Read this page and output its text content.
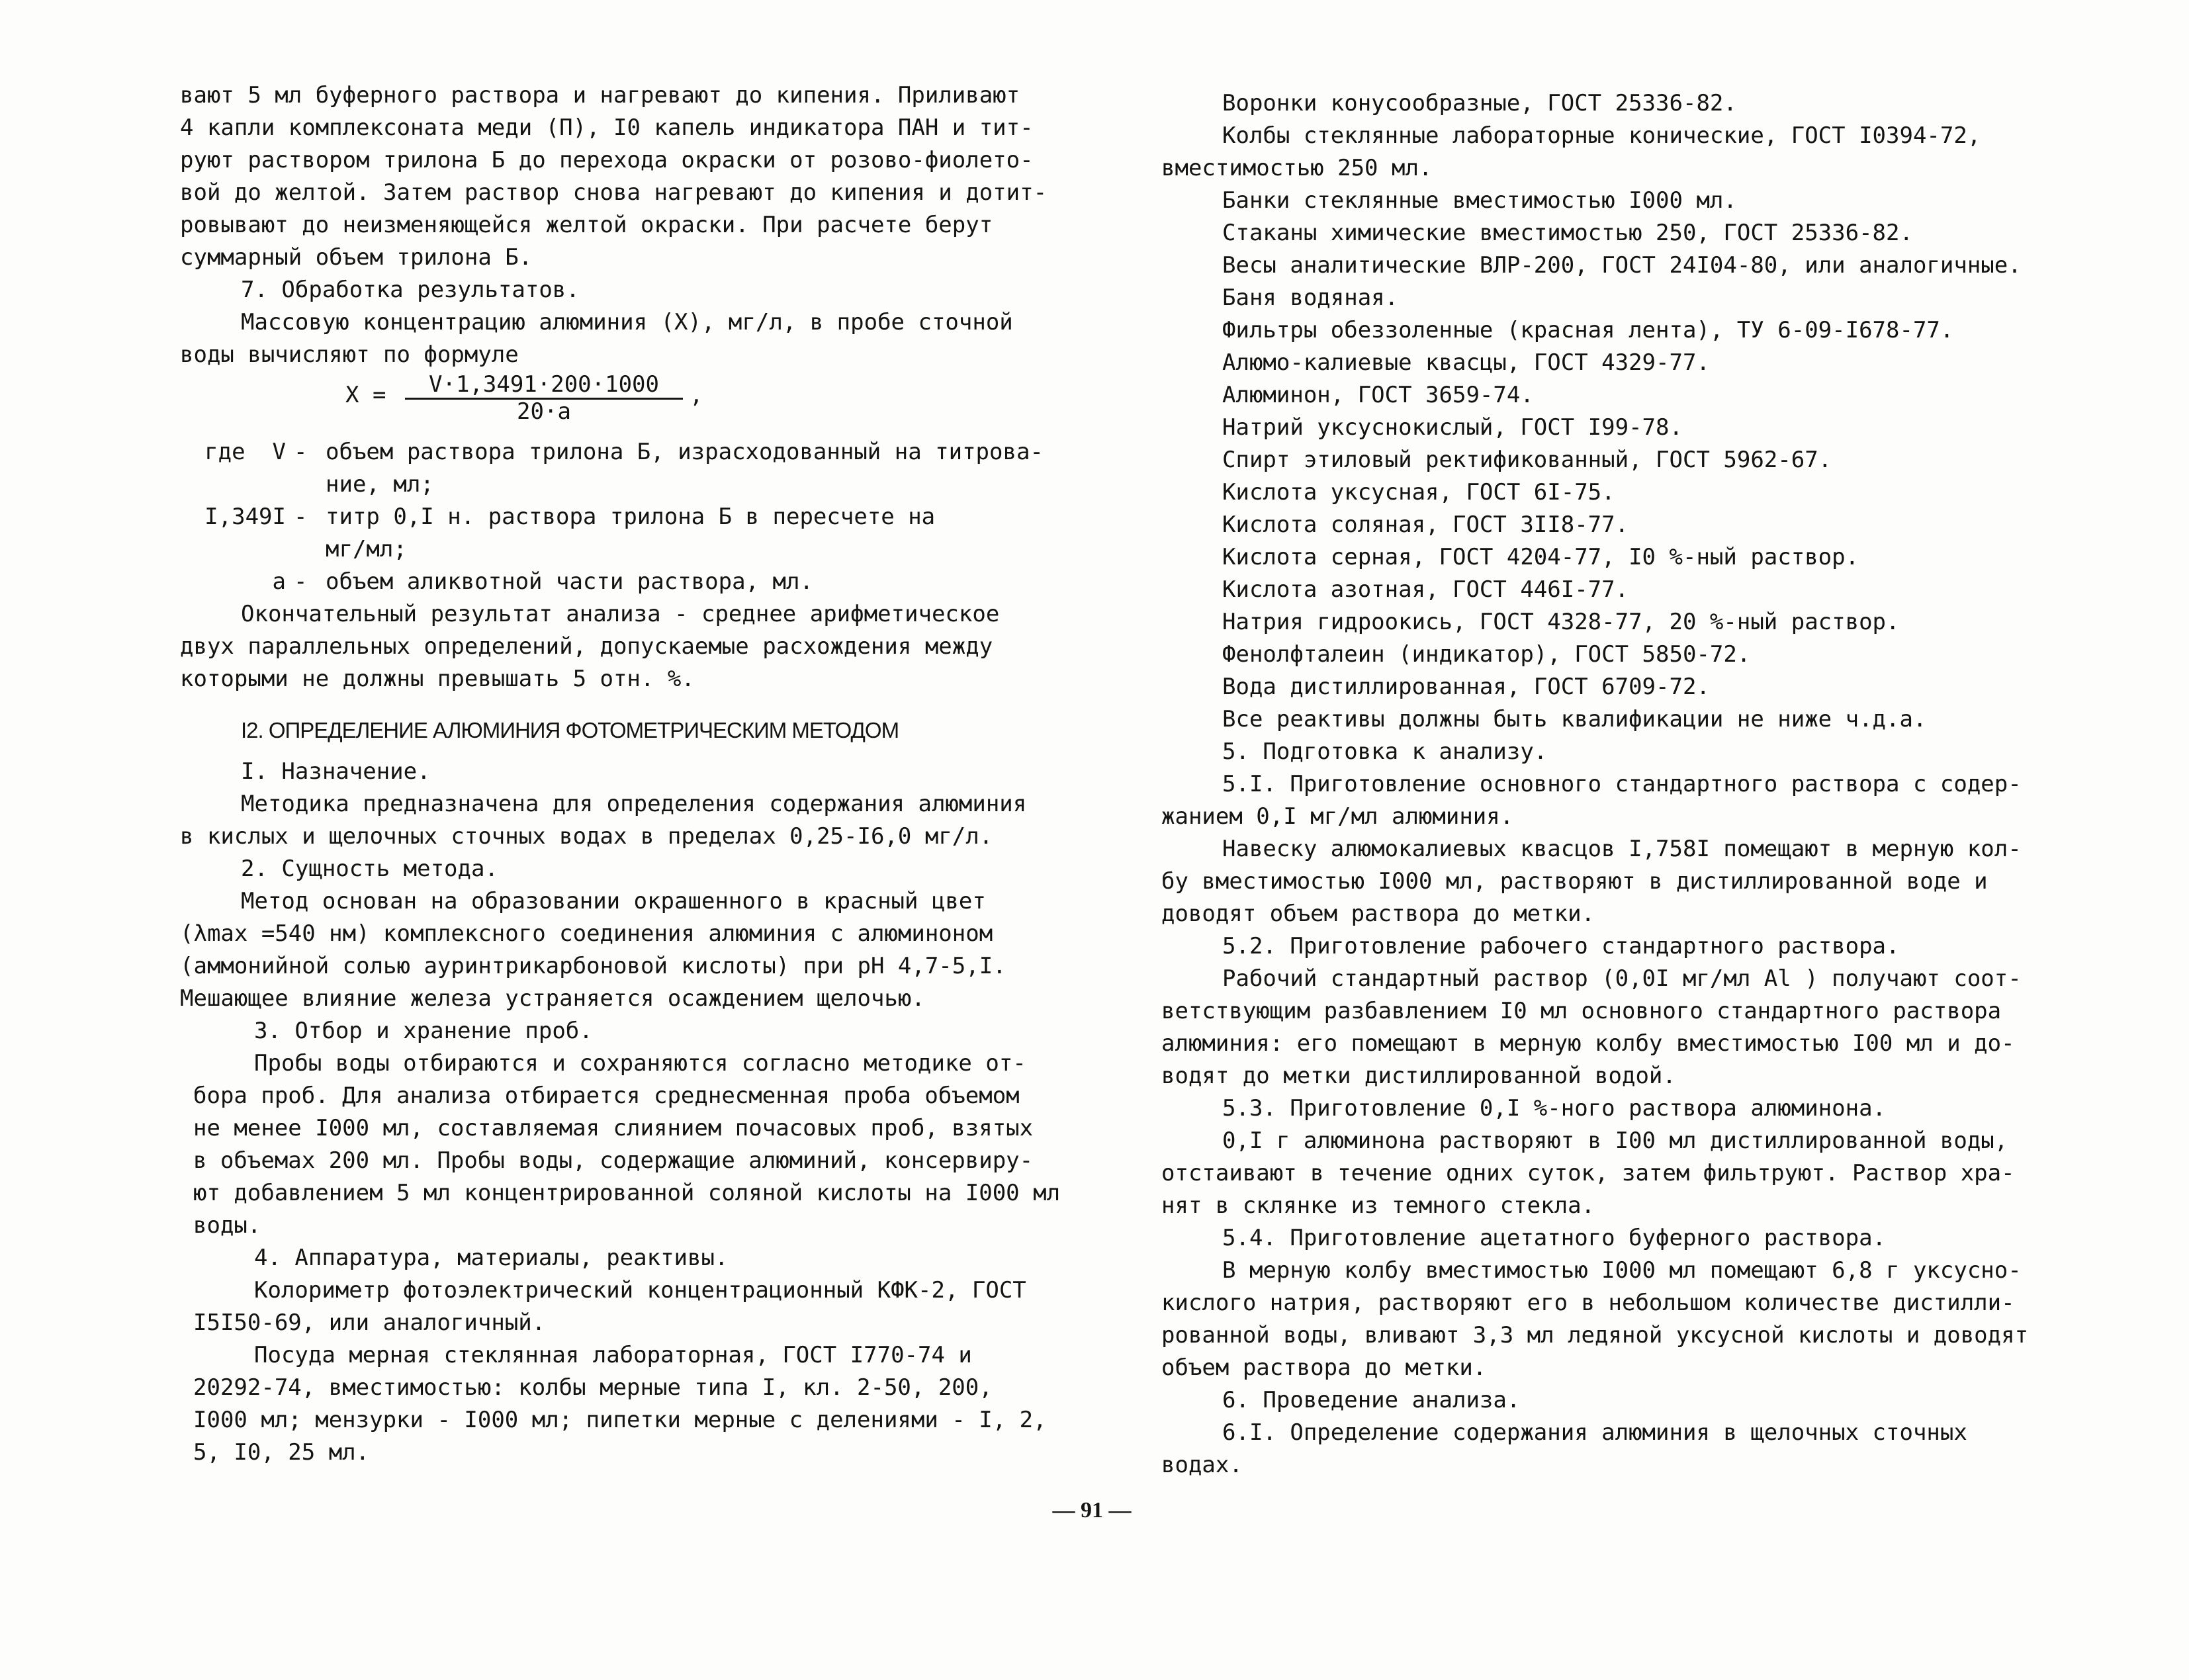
вают 5 мл буферного раствора и нагревают до кипения. Приливают
4 капли комплексоната меди (П), I0 капель индикатора ПАН и тит-
руют раствором трилона Б до перехода окраски от розово-фиолето-
вой до желтой. Затем раствор снова нагревают до кипения и дотит-
ровывают до неизменяющейся желтой окраски. При расчете берут
суммарный объем трилона Б.
7. Обработка результатов.
Массовую концентрацию алюминия (X), мг/л, в пробе сточной
воды вычисляют по формуле
$X = \frac{V\cdot 1,3491\cdot 200\cdot 1000}{20\cdot a}$ ,
где  V - объем раствора трилона Б, израсходованный на титрова-
ние, мл;
I,349I - титр 0,I н. раствора трилона Б в пересчете на
мг/мл;
а - объем аликвотной части раствора, мл.
Окончательный результат анализа - среднее арифметическое
двух параллельных определений, допускаемые расхождения между
которыми не должны превышать 5 отн. %.
I2. ОПРЕДЕЛЕНИЕ АЛЮМИНИЯ ФОТОМЕТРИЧЕСКИМ МЕТОДОМ
I. Назначение.
Методика предназначена для определения содержания алюминия
в кислых и щелочных сточных водах в пределах 0,25-I6,0 мг/л.
2. Сущность метода.
Метод основан на образовании окрашенного в красный цвет
(λmax =540 нм) комплексного соединения алюминия с алюминоном
(аммонийной солью ауринтрикарбоновой кислоты) при pH 4,7-5,I.
Мешающее влияние железа устраняется осаждением щелочью.
3. Отбор и хранение проб.
Пробы воды отбираются и сохраняются согласно методике от-
бора проб. Для анализа отбирается среднесменная проба объемом
не менее I000 мл, составляемая слиянием почасовых проб, взятых
в объемах 200 мл. Пробы воды, содержащие алюминий, консервиру-
ют добавлением 5 мл концентрированной соляной кислоты на I000 мл
воды.
4. Аппаратура, материалы, реактивы.
Колориметр фотоэлектрический концентрационный КФК-2, ГОСТ
I5I50-69, или аналогичный.
Посуда мерная стеклянная лабораторная, ГОСТ I770-74 и
20292-74, вместимостью: колбы мерные типа I, кл. 2-50, 200,
I000 мл; мензурки - I000 мл; пипетки мерные с делениями - I, 2,
5, I0, 25 мл.
Воронки конусообразные, ГОСТ 25336-82.
Колбы стеклянные лабораторные конические, ГОСТ I0394-72,
вместимостью 250 мл.
Банки стеклянные вместимостью I000 мл.
Стаканы химические вместимостью 250, ГОСТ 25336-82.
Весы аналитические ВЛР-200, ГОСТ 24I04-80, или аналогичные.
Баня водяная.
Фильтры обеззоленные (красная лента), ТУ 6-09-I678-77.
Алюмо-калиевые квасцы, ГОСТ 4329-77.
Алюминон, ГОСТ 3659-74.
Натрий уксуснокислый, ГОСТ I99-78.
Спирт этиловый ректификованный, ГОСТ 5962-67.
Кислота уксусная, ГОСТ 6I-75.
Кислота соляная, ГОСТ 3II8-77.
Кислота серная, ГОСТ 4204-77, I0 %-ный раствор.
Кислота азотная, ГОСТ 446I-77.
Натрия гидроокись, ГОСТ 4328-77, 20 %-ный раствор.
Фенолфталеин (индикатор), ГОСТ 5850-72.
Вода дистиллированная, ГОСТ 6709-72.
Все реактивы должны быть квалификации не ниже ч.д.а.
5. Подготовка к анализу.
5.I. Приготовление основного стандартного раствора с содер-
жанием 0,I мг/мл алюминия.
Навеску алюмокалиевых квасцов I,758I помещают в мерную кол-
бу вместимостью I000 мл, растворяют в дистиллированной воде и
доводят объем раствора до метки.
5.2. Приготовление рабочего стандартного раствора.
Рабочий стандартный раствор (0,0I мг/мл Al ) получают соот-
ветствующим разбавлением I0 мл основного стандартного раствора
алюминия: его помещают в мерную колбу вместимостью I00 мл и до-
водят до метки дистиллированной водой.
5.3. Приготовление 0,I %-ного раствора алюминона.
0,I г алюминона растворяют в I00 мл дистиллированной воды,
отстаивают в течение одних суток, затем фильтруют. Раствор хра-
нят в склянке из темного стекла.
5.4. Приготовление ацетатного буферного раствора.
В мерную колбу вместимостью I000 мл помещают 6,8 г уксусно-
кислого натрия, растворяют его в небольшом количестве дистилли-
рованной воды, вливают 3,3 мл ледяной уксусной кислоты и доводят
объем раствора до метки.
6. Проведение анализа.
6.I. Определение содержания алюминия в щелочных сточных
водах.
— 91 —
